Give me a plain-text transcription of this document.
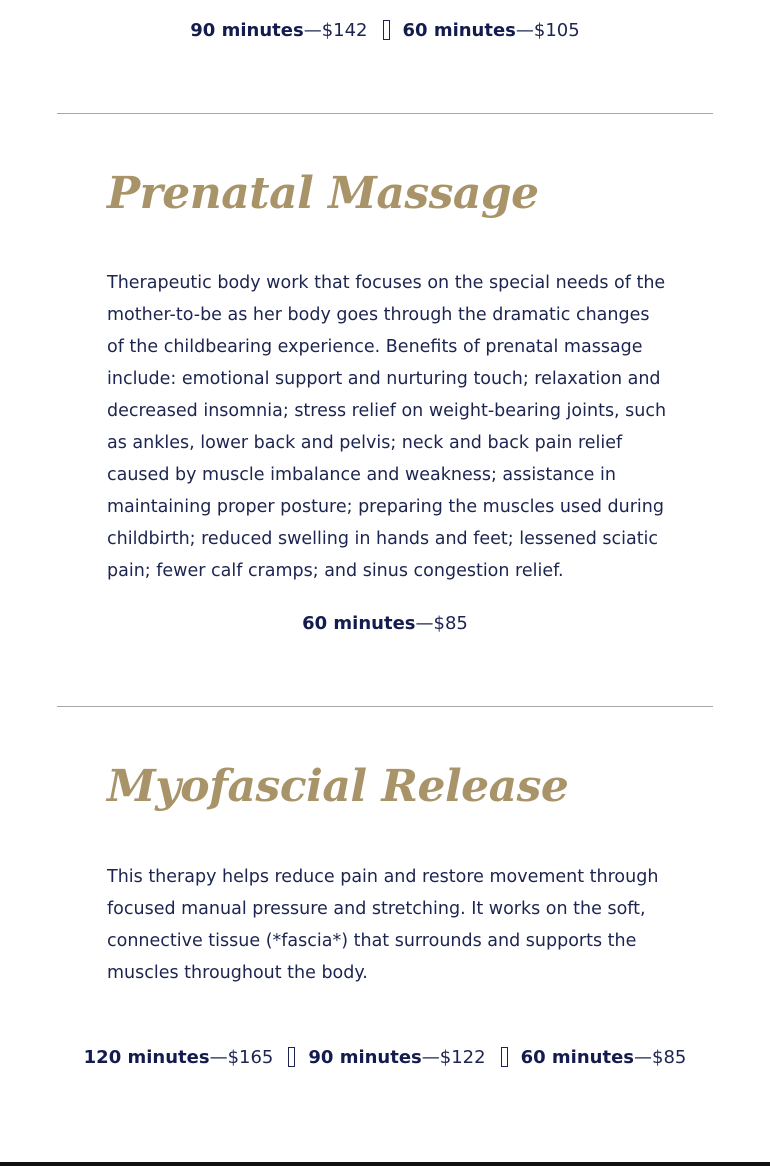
90 minutes—$142 60 minutes—$105
Prenatal Massage

Therapeutic body work that focuses on the special needs of the mother-to-be as her body goes through the dramatic changes of the childbearing experience. Benefits of prenatal massage include: emotional support and nurturing touch; relaxation and decreased insomnia; stress relief on weight-bearing joints, such as ankles, lower back and pelvis; neck and back pain relief caused by muscle imbalance and weakness; assistance in maintaining proper posture; preparing the muscles used during childbirth; reduced swelling in hands and feet; lessened sciatic pain; fewer calf cramps; and sinus congestion relief.

60 minutes—$85
Myofascial Release

This therapy helps reduce pain and restore movement through focused manual pressure and stretching. It works on the soft, connective tissue (*fascia*) that surrounds and supports the muscles throughout the body.

120 minutes—$165 90 minutes—$122 60 minutes—$85
